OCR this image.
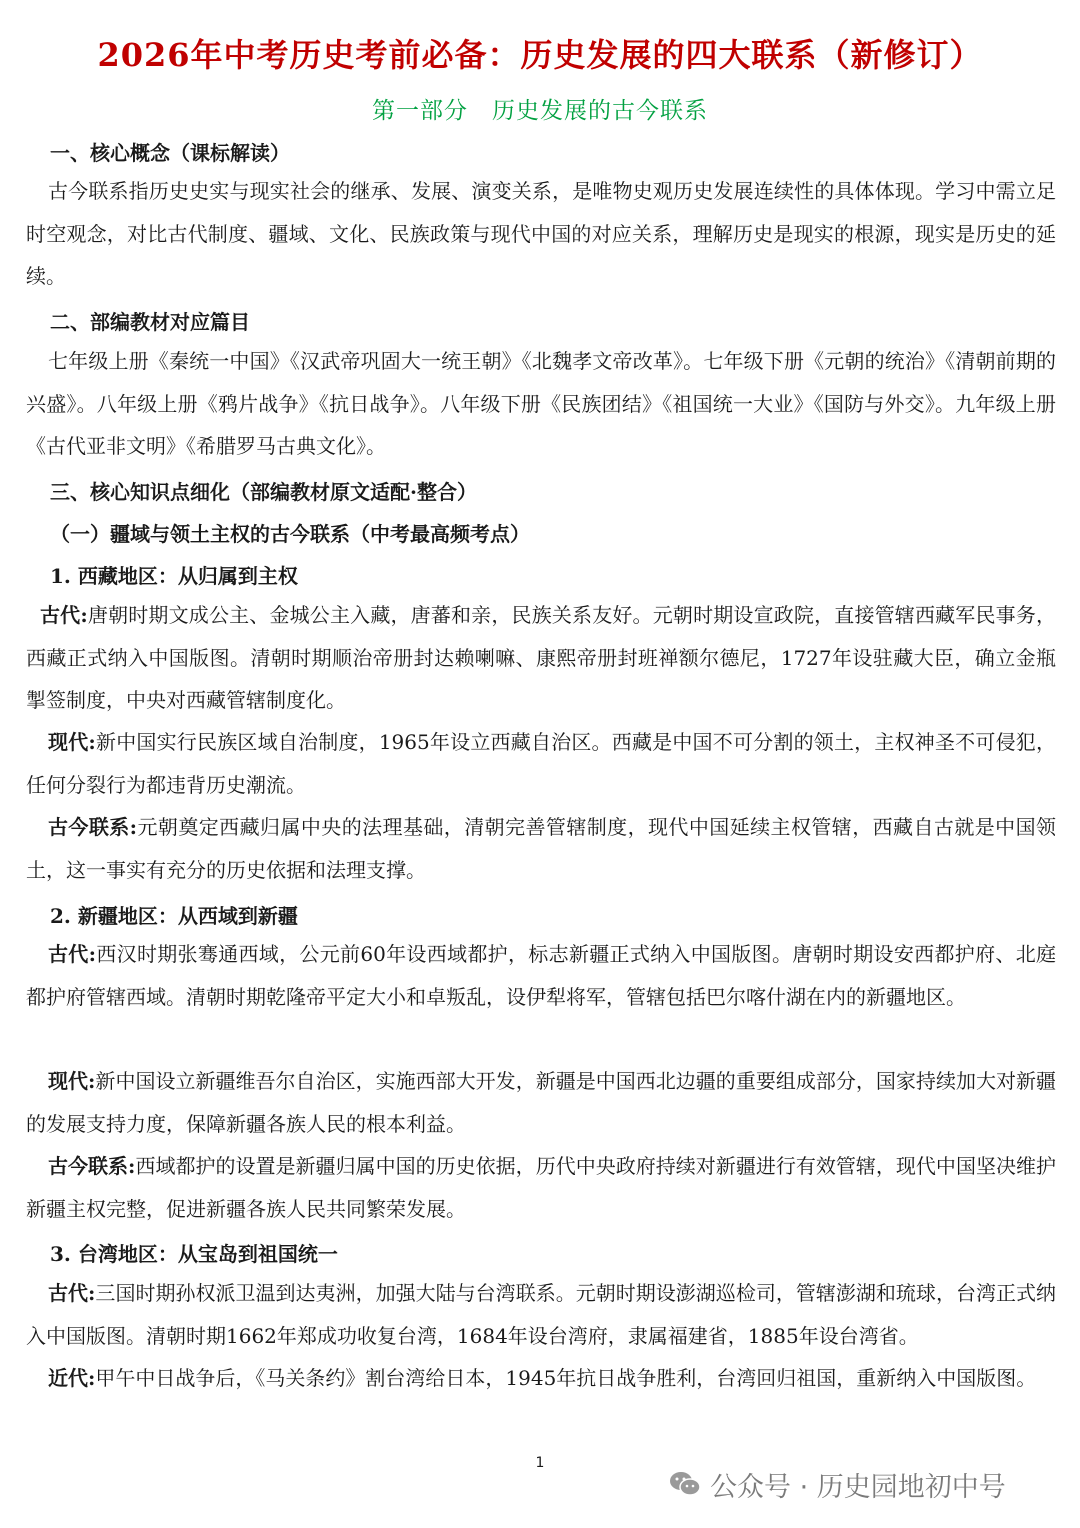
2026年中考历史考前必备：历史发展的四大联系（新修订）
第一部分　历史发展的古今联系
一、核心概念（课标解读）
古今联系指历史史实与现实社会的继承、发展、演变关系，是唯物史观历史发展连续性的具体体现。学习中需立足时空观念，对比古代制度、疆域、文化、民族政策与现代中国的对应关系，理解历史是现实的根源，现实是历史的延续。
二、部编教材对应篇目
七年级上册《秦统一中国》《汉武帝巩固大一统王朝》《北魏孝文帝改革》。七年级下册《元朝的统治》《清朝前期的兴盛》。八年级上册《鸦片战争》《抗日战争》。八年级下册《民族团结》《祖国统一大业》《国防与外交》。九年级上册《古代亚非文明》《希腊罗马古典文化》。
三、核心知识点细化（部编教材原文适配·整合）
（一）疆域与领土主权的古今联系（中考最高频考点）
1. 西藏地区：从归属到主权
古代:唐朝时期文成公主、金城公主入藏，唐蕃和亲，民族关系友好。元朝时期设宣政院，直接管辖西藏军民事务，西藏正式纳入中国版图。清朝时期顺治帝册封达赖喇嘛、康熙帝册封班禅额尔德尼，1727年设驻藏大臣，确立金瓶掣签制度，中央对西藏管辖制度化。
现代:新中国实行民族区域自治制度，1965年设立西藏自治区。西藏是中国不可分割的领土，主权神圣不可侵犯，任何分裂行为都违背历史潮流。
古今联系:元朝奠定西藏归属中央的法理基础，清朝完善管辖制度，现代中国延续主权管辖，西藏自古就是中国领土，这一事实有充分的历史依据和法理支撑。
2. 新疆地区：从西域到新疆
古代:西汉时期张骞通西域，公元前60年设西域都护，标志新疆正式纳入中国版图。唐朝时期设安西都护府、北庭都护府管辖西域。清朝时期乾隆帝平定大小和卓叛乱，设伊犁将军，管辖包括巴尔喀什湖在内的新疆地区。
现代:新中国设立新疆维吾尔自治区，实施西部大开发，新疆是中国西北边疆的重要组成部分，国家持续加大对新疆的发展支持力度，保障新疆各族人民的根本利益。
古今联系:西域都护的设置是新疆归属中国的历史依据，历代中央政府持续对新疆进行有效管辖，现代中国坚决维护新疆主权完整，促进新疆各族人民共同繁荣发展。
3. 台湾地区：从宝岛到祖国统一
古代:三国时期孙权派卫温到达夷洲，加强大陆与台湾联系。元朝时期设澎湖巡检司，管辖澎湖和琉球，台湾正式纳入中国版图。清朝时期1662年郑成功收复台湾，1684年设台湾府，隶属福建省，1885年设台湾省。
近代:甲午中日战争后，《马关条约》割台湾给日本，1945年抗日战争胜利，台湾回归祖国，重新纳入中国版图。
1
公众号 · 历史园地初中号
